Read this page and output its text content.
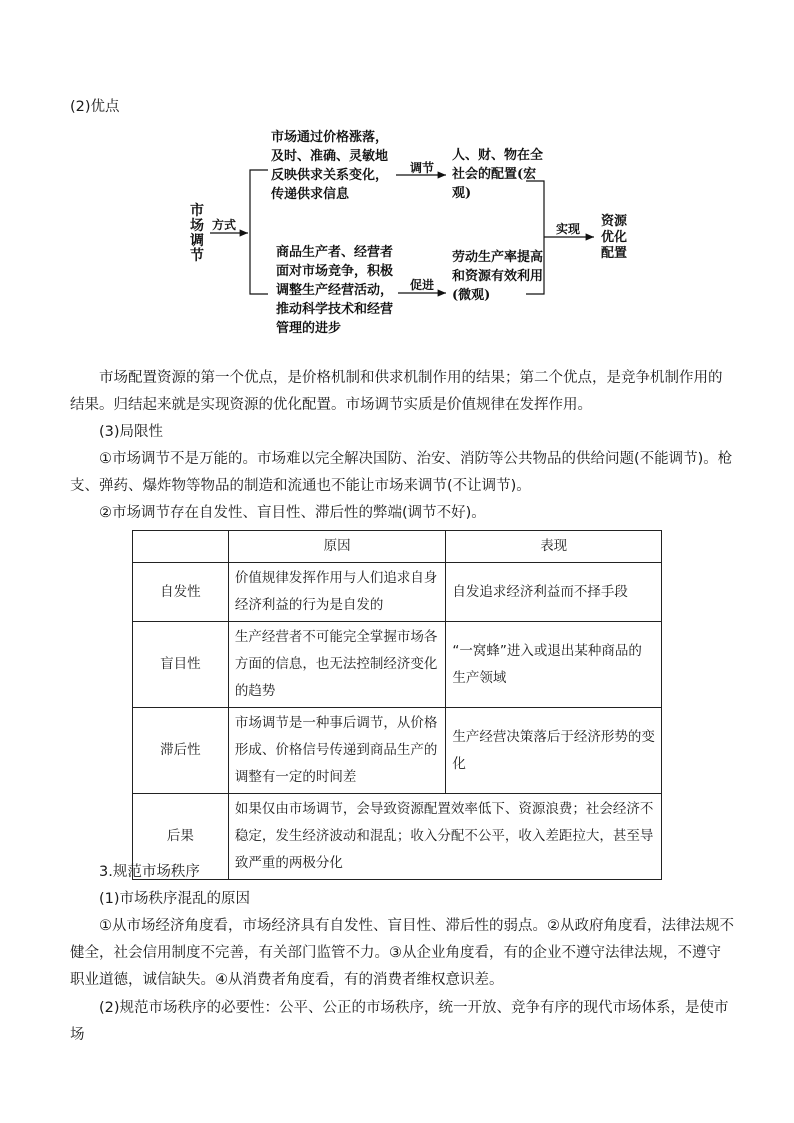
(2)优点
市场调节
方式
市场通过价格涨落，及时、准确、灵敏地反映供求关系变化，传递供求信息
商品生产者、经营者面对市场竞争，积极调整生产经营活动，推动科学技术和经营管理的进步
调节
促进
人、财、物在全社会的配置(宏观)
劳动生产率提高和资源有效利用(微观)
实现 资源优化配置
市场配置资源的第一个优点，是价格机制和供求机制作用的结果；第二个优点，是竞争机制作用的结果。归结起来就是实现资源的优化配置。市场调节实质是价值规律在发挥作用。
(3)局限性
①市场调节不是万能的。市场难以完全解决国防、治安、消防等公共物品的供给问题(不能调节)。枪支、弹药、爆炸物等物品的制造和流通也不能让市场来调节(不让调节)。
②市场调节存在自发性、盲目性、滞后性的弊端(调节不好)。
	原因	表现
自发性	价值规律发挥作用与人们追求自身经济利益的行为是自发的	自发追求经济利益而不择手段
盲目性	生产经营者不可能完全掌握市场各方面的信息，也无法控制经济变化的趋势	“一窝蜂”进入或退出某种商品的生产领域
滞后性	市场调节是一种事后调节，从价格形成、价格信号传递到商品生产的调整有一定的时间差	生产经营决策落后于经济形势的变化
后果	如果仅由市场调节，会导致资源配置效率低下、资源浪费；社会经济不稳定，发生经济波动和混乱；收入分配不公平，收入差距拉大，甚至导致严重的两极分化	
3.规范市场秩序
(1)市场秩序混乱的原因
①从市场经济角度看，市场经济具有自发性、盲目性、滞后性的弱点。②从政府角度看，法律法规不健全，社会信用制度不完善，有关部门监管不力。③从企业角度看，有的企业不遵守法律法规，不遵守职业道德，诚信缺失。④从消费者角度看，有的消费者维权意识差。
(2)规范市场秩序的必要性：公平、公正的市场秩序，统一开放、竞争有序的现代市场体系，是使市场
